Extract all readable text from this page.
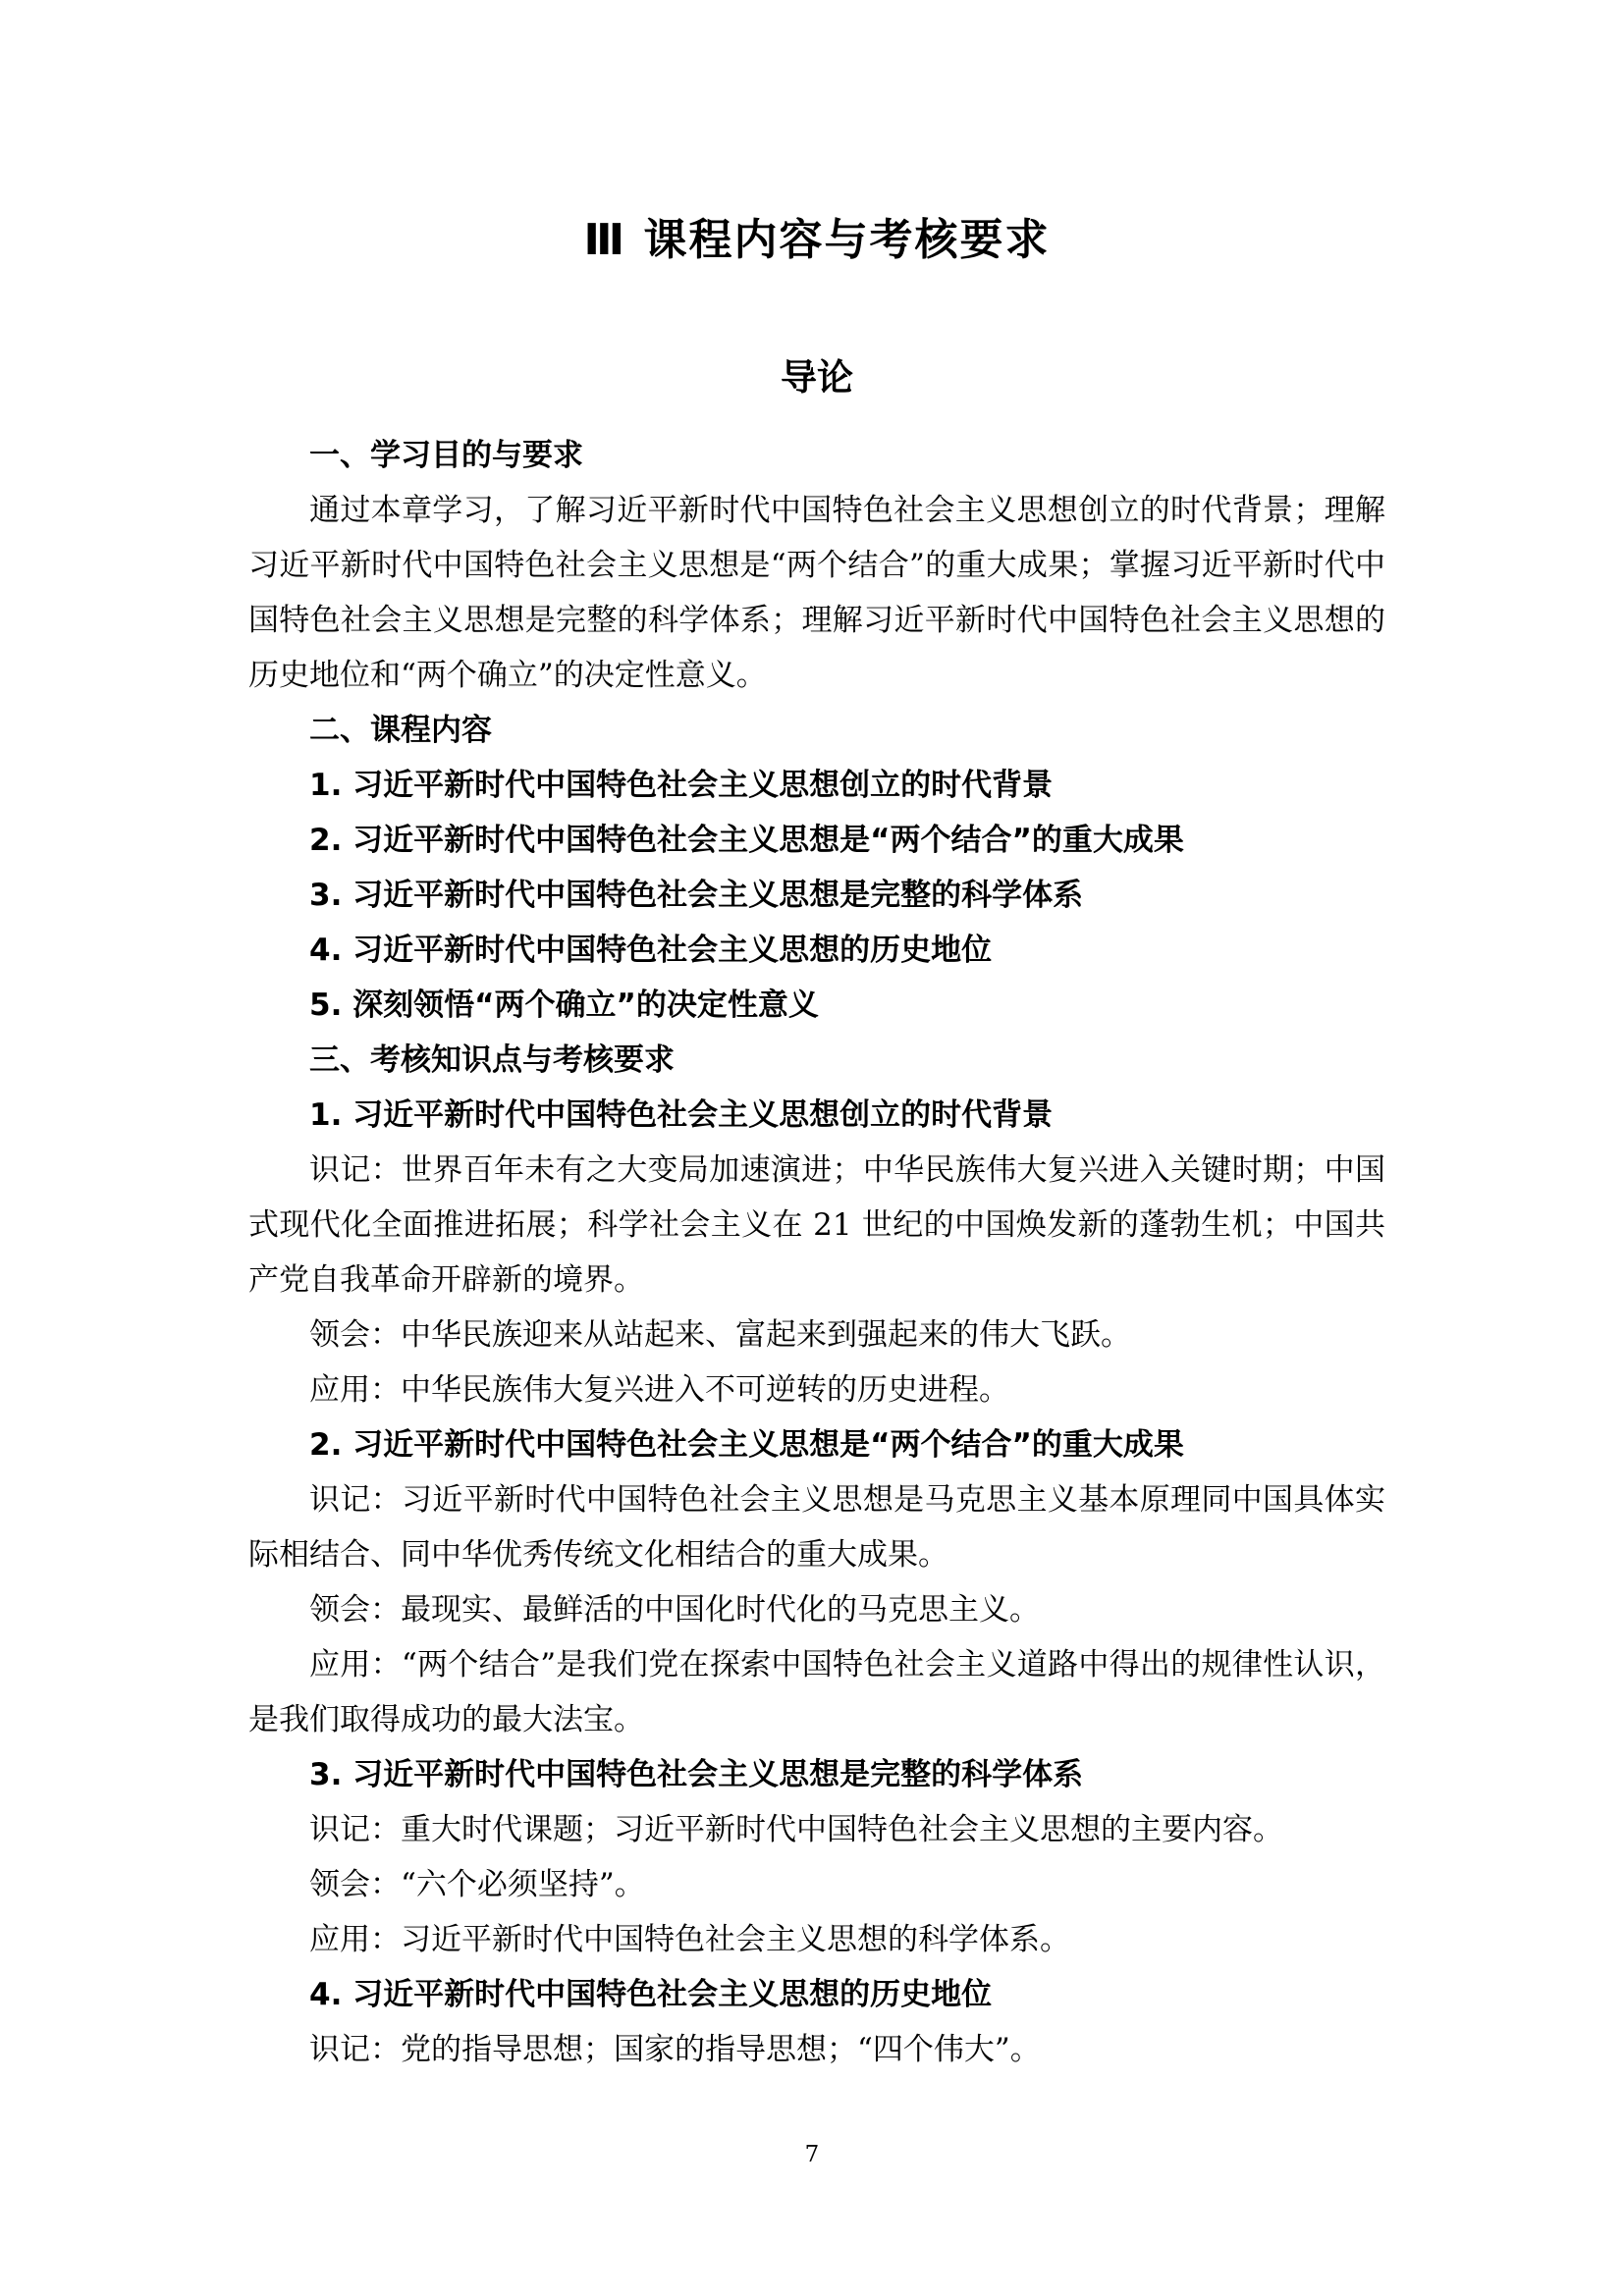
Ⅲ 课程内容与考核要求
导论
一、学习目的与要求
通过本章学习，了解习近平新时代中国特色社会主义思想创立的时代背景；理解习近平新时代中国特色社会主义思想是“两个结合”的重大成果；掌握习近平新时代中国特色社会主义思想是完整的科学体系；理解习近平新时代中国特色社会主义思想的历史地位和“两个确立”的决定性意义。
二、课程内容
1. 习近平新时代中国特色社会主义思想创立的时代背景
2. 习近平新时代中国特色社会主义思想是“两个结合”的重大成果
3. 习近平新时代中国特色社会主义思想是完整的科学体系
4. 习近平新时代中国特色社会主义思想的历史地位
5. 深刻领悟“两个确立”的决定性意义
三、考核知识点与考核要求
1. 习近平新时代中国特色社会主义思想创立的时代背景
识记：世界百年未有之大变局加速演进；中华民族伟大复兴进入关键时期；中国式现代化全面推进拓展；科学社会主义在 21 世纪的中国焕发新的蓬勃生机；中国共产党自我革命开辟新的境界。
领会：中华民族迎来从站起来、富起来到强起来的伟大飞跃。
应用：中华民族伟大复兴进入不可逆转的历史进程。
2. 习近平新时代中国特色社会主义思想是“两个结合”的重大成果
识记：习近平新时代中国特色社会主义思想是马克思主义基本原理同中国具体实际相结合、同中华优秀传统文化相结合的重大成果。
领会：最现实、最鲜活的中国化时代化的马克思主义。
应用：“两个结合”是我们党在探索中国特色社会主义道路中得出的规律性认识，是我们取得成功的最大法宝。
3. 习近平新时代中国特色社会主义思想是完整的科学体系
识记：重大时代课题；习近平新时代中国特色社会主义思想的主要内容。
领会：“六个必须坚持”。
应用：习近平新时代中国特色社会主义思想的科学体系。
4. 习近平新时代中国特色社会主义思想的历史地位
识记：党的指导思想；国家的指导思想；“四个伟大”。
7
